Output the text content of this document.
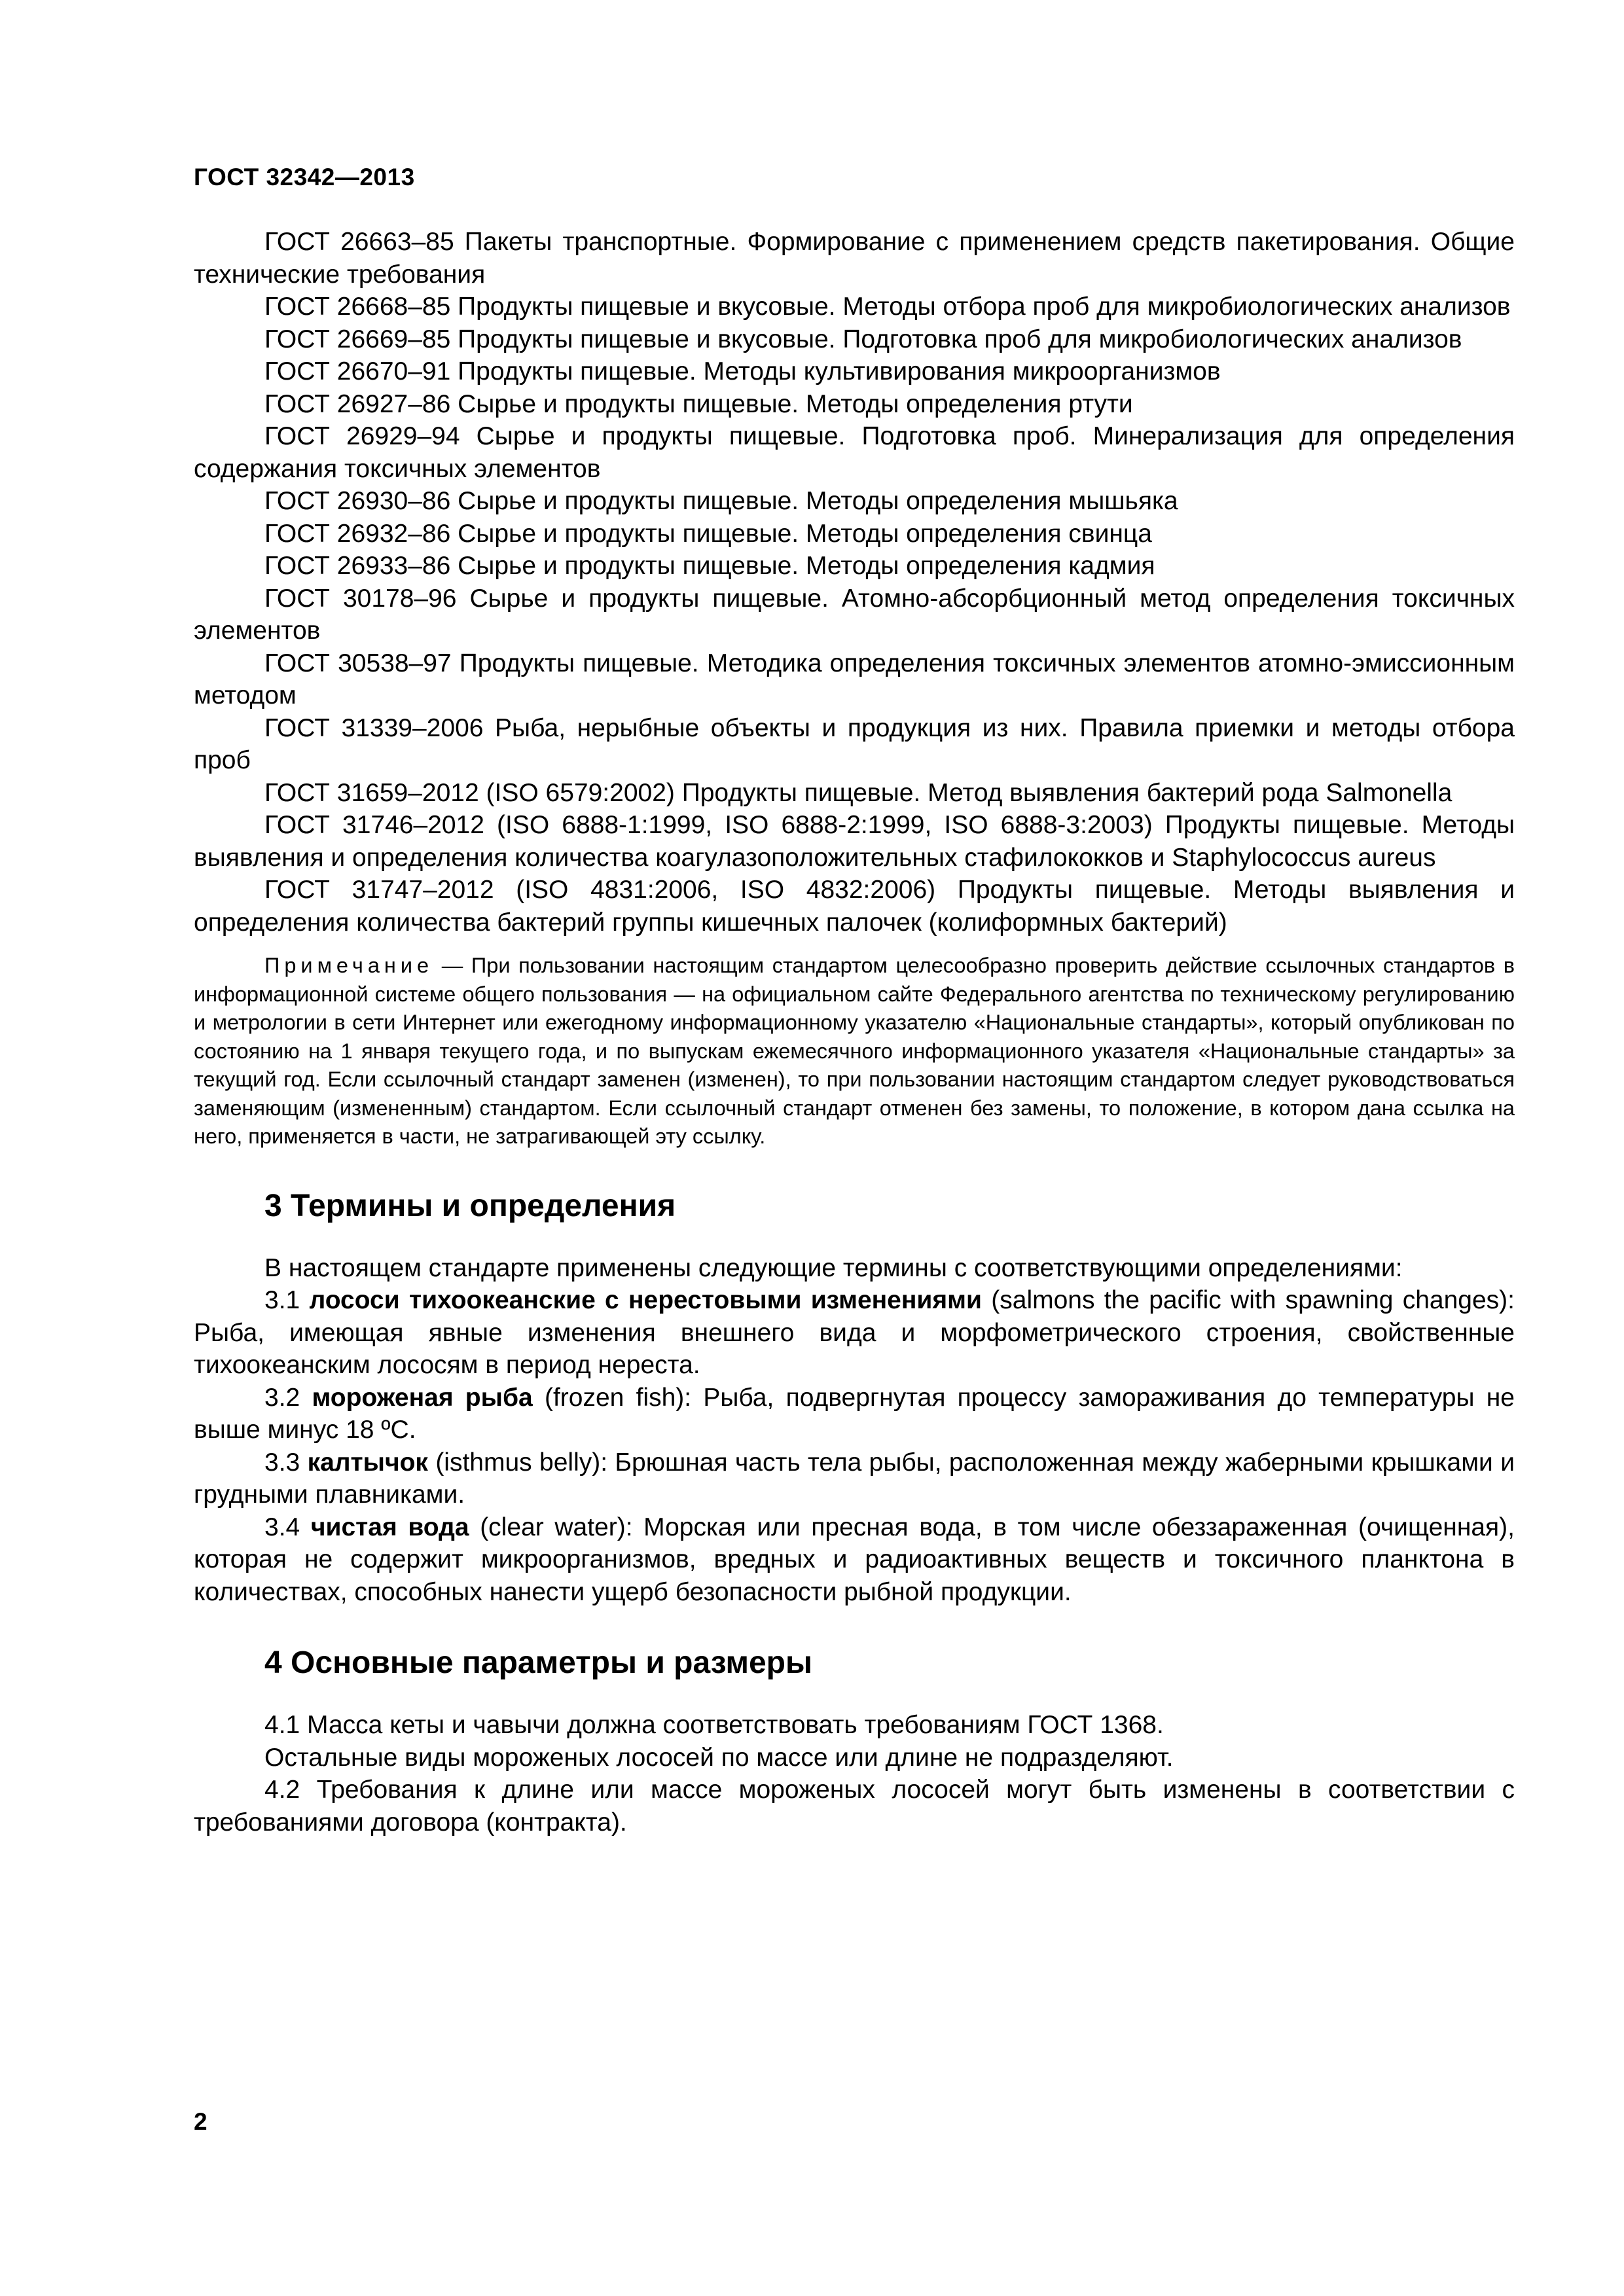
ГОСТ 32342—2013

ГОСТ 26663–85 Пакеты транспортные. Формирование с применением средств пакетирования. Общие технические требования

ГОСТ 26668–85 Продукты пищевые и вкусовые. Методы отбора проб для микробиологических анализов

ГОСТ 26669–85 Продукты пищевые и вкусовые. Подготовка проб для микробиологических анализов

ГОСТ 26670–91 Продукты пищевые. Методы культивирования микроорганизмов

ГОСТ 26927–86 Сырье и продукты пищевые. Методы определения ртути

ГОСТ 26929–94 Сырье и продукты пищевые. Подготовка проб. Минерализация для определения содержания токсичных элементов

ГОСТ 26930–86 Сырье и продукты пищевые. Методы определения мышьяка

ГОСТ 26932–86 Сырье и продукты пищевые. Методы определения свинца

ГОСТ 26933–86 Сырье и продукты пищевые. Методы определения кадмия

ГОСТ 30178–96 Сырье и продукты пищевые. Атомно-абсорбционный метод определения токсичных элементов

ГОСТ 30538–97 Продукты пищевые. Методика определения токсичных элементов атомно-эмиссионным методом

ГОСТ 31339–2006 Рыба, нерыбные объекты и продукция из них. Правила приемки и методы отбора проб

ГОСТ 31659–2012 (ISO 6579:2002) Продукты пищевые. Метод выявления бактерий рода Salmonella

ГОСТ 31746–2012 (ISO 6888-1:1999, ISO 6888-2:1999, ISO 6888-3:2003) Продукты пищевые. Методы выявления и определения количества коагулазоположительных стафилококков и Staphylococcus aureus

ГОСТ 31747–2012 (ISO 4831:2006, ISO 4832:2006) Продукты пищевые. Методы выявления и определения количества бактерий группы кишечных палочек (колиформных бактерий)

Примечание — При пользовании настоящим стандартом целесообразно проверить действие ссылочных стандартов в информационной системе общего пользования — на официальном сайте Федерального агентства по техническому регулированию и метрологии в сети Интернет или ежегодному информационному указателю «Национальные стандарты», который опубликован по состоянию на 1 января текущего года, и по выпускам ежемесячного информационного указателя «Национальные стандарты» за текущий год. Если ссылочный стандарт заменен (изменен), то при пользовании настоящим стандартом следует руководствоваться заменяющим (измененным) стандартом. Если ссылочный стандарт отменен без замены, то положение, в котором дана ссылка на него, применяется в части, не затрагивающей эту ссылку.

3 Термины и определения

В настоящем стандарте применены следующие термины с соответствующими определениями:

3.1 лососи тихоокеанские с нерестовыми изменениями (salmons the pacific with spawning changes): Рыба, имеющая явные изменения внешнего вида и морфометрического строения, свойственные тихоокеанским лососям в период нереста.

3.2 мороженая рыба (frozen fish): Рыба, подвергнутая процессу замораживания до температуры не выше минус 18 ºC.

3.3 калтычок (isthmus belly): Брюшная часть тела рыбы, расположенная между жаберными крышками и грудными плавниками.

3.4 чистая вода (clear water): Морская или пресная вода, в том числе обеззараженная (очищенная), которая не содержит микроорганизмов, вредных и радиоактивных веществ и токсичного планктона в количествах, способных нанести ущерб безопасности рыбной продукции.

4 Основные параметры и размеры

4.1 Масса кеты и чавычи должна соответствовать требованиям ГОСТ 1368.

Остальные виды мороженых лососей по массе или длине не подразделяют.

4.2 Требования к длине или массе мороженых лососей могут быть изменены в соответствии с требованиями договора (контракта).

2
